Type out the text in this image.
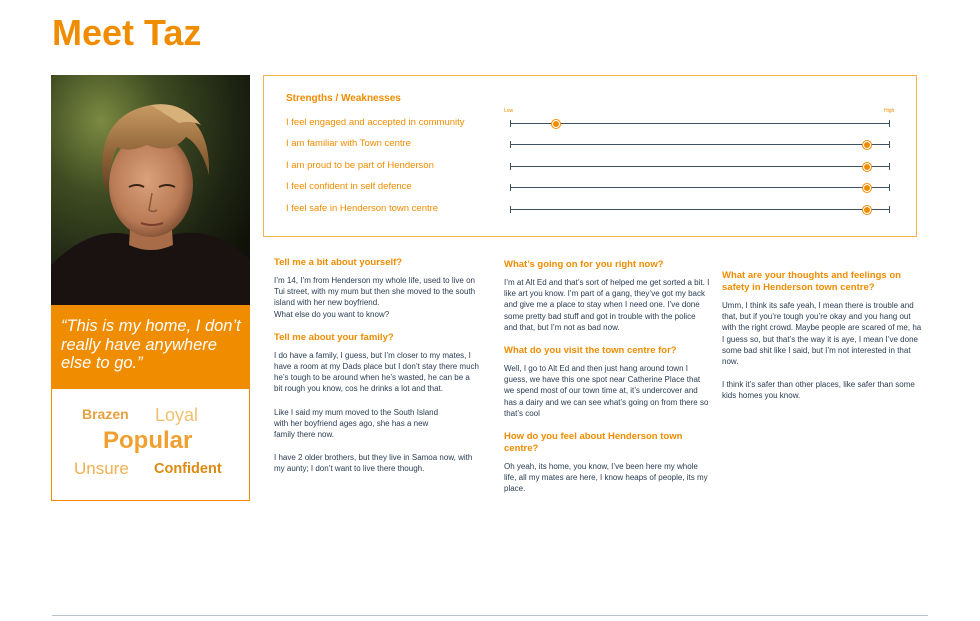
Meet Taz

“This is my home, I don’t really have anywhere else to go.”

Brazen Loyal
Popular
Unsure Confident
Strengths / Weaknesses
Low	High
I feel engaged and accepted in community
I am familiar with Town centre
I am proud to be part of Henderson
I feel confident in self defence
I feel safe in Henderson town centre
Tell me a bit about yourself?

I’m 14, I’m from Henderson my whole life, used to live on Tui street, with my mum but then she moved to the south island with her new boyfriend.
What else do you want to know?

Tell me about your family?

I do have a family, I guess, but I’m closer to my mates, I have a room at my Dads place but I don’t stay there much he’s tough to be around when he’s wasted, he can be a bit rough you know, cos he drinks a lot and that.

Like I said my mum moved to the South Island
with her boyfriend ages ago, she has a new
family there now.

I have 2 older brothers, but they live in Samoa now, with my aunty; I don’t want to live there though.

What’s going on for you right now?

I’m at Alt Ed and that’s sort of helped me get sorted a bit. I like art you know. I’m part of a gang, they’ve got my back and give me a place to stay when I need one. I’ve done some pretty bad stuff and got in trouble with the police and that, but I’m not as bad now.

What do you visit the town centre for?

Well, I go to Alt Ed and then just hang around town I guess, we have this one spot near Catherine Place that we spend most of our town time at, it’s undercover and has a dairy and we can see what’s going on from there so that’s cool

How do you feel about Henderson town centre?

Oh yeah, its home, you know, I’ve been here my whole life, all my mates are here, I know heaps of people, its my place.

What are your thoughts and feelings on safety in Henderson town centre?

Umm, I think its safe yeah, I mean there is trouble and that, but if you’re tough you’re okay and you hang out with the right crowd. Maybe people are scared of me, ha I guess so, but that’s the way it is aye, I mean I’ve done some bad shit like I said, but I’m not interested in that now.

I think it’s safer than other places, like safer than some kids homes you know.
